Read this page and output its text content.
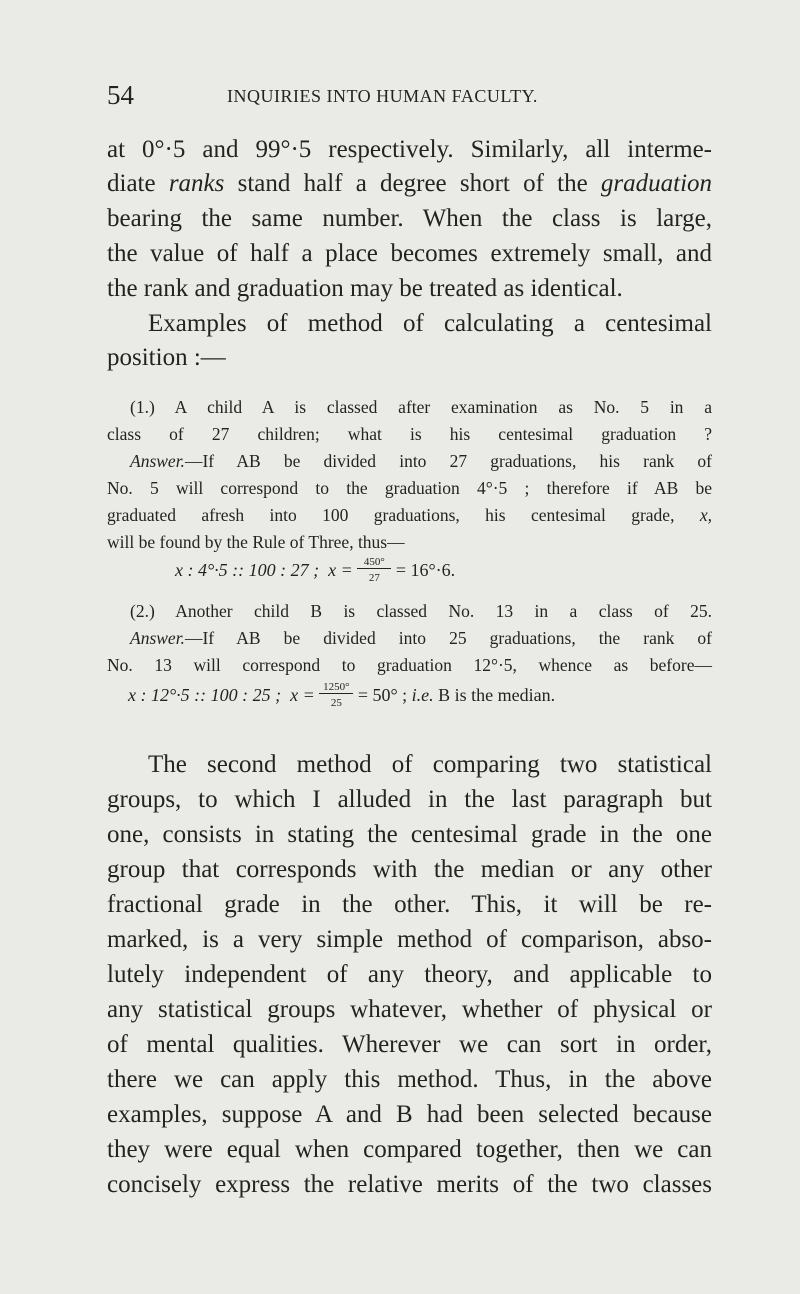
54	INQUIRIES INTO HUMAN FACULTY.
at 0°·5 and 99°·5 respectively. Similarly, all interme-
diate ranks stand half a degree short of the graduation
bearing the same number. When the class is large,
the value of half a place becomes extremely small, and
the rank and graduation may be treated as identical.
Examples of method of calculating a centesimal
position :—
(1.) A child A is classed after examination as No. 5 in a
class of 27 children; what is his centesimal graduation ?
Answer.—If AB be divided into 27 graduations, his rank of
No. 5 will correspond to the graduation 4°·5 ; therefore if AB be
graduated afresh into 100 graduations, his centesimal grade, x,
will be found by the Rule of Three, thus—
x : 4°·5 :: 100 : 27 ; $x = \frac{450^\circ}{27} = 16^\circ\cdot 6$.
(2.) Another child B is classed No. 13 in a class of 25.
Answer.—If AB be divided into 25 graduations, the rank of
No. 13 will correspond to graduation 12°·5, whence as before—
x : 12°·5 :: 100 : 25 ; $x = \frac{1250^\circ}{25} = 50^\circ$ ; i.e. B is the median.
The second method of comparing two statistical
groups, to which I alluded in the last paragraph but
one, consists in stating the centesimal grade in the one
group that corresponds with the median or any other
fractional grade in the other. This, it will be re-
marked, is a very simple method of comparison, abso-
lutely independent of any theory, and applicable to
any statistical groups whatever, whether of physical or
of mental qualities. Wherever we can sort in order,
there we can apply this method. Thus, in the above
examples, suppose A and B had been selected because
they were equal when compared together, then we can
concisely express the relative merits of the two classes
